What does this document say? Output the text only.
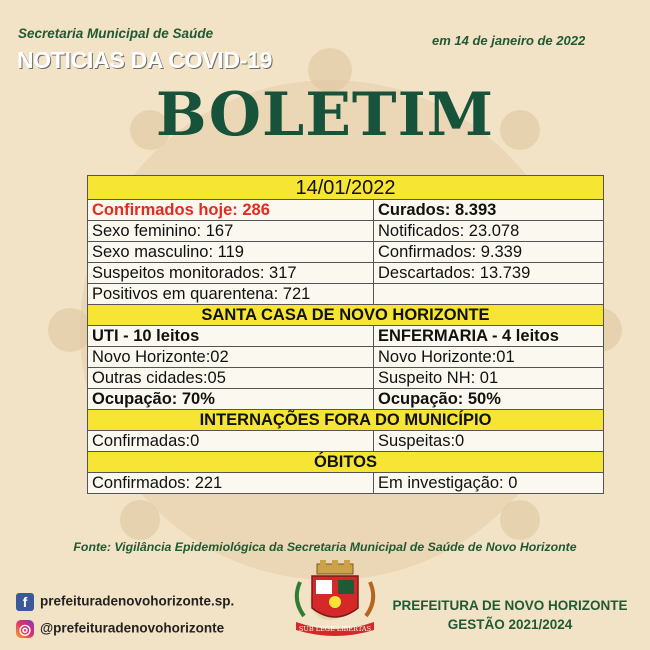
Secretaria Municipal de Saúde	em 14 de janeiro de 2022
NOTICIAS DA COVID-19
BOLETIM
14/01/2022	
Confirmados hoje: 286	Curados: 8.393
Sexo feminino: 167	Notificados: 23.078
Sexo masculino: 119	Confirmados: 9.339
Suspeitos monitorados: 317	Descartados: 13.739
Positivos em quarentena: 721	
SANTA CASA DE NOVO HORIZONTE	
UTI - 10 leitos	ENFERMARIA - 4 leitos
Novo Horizonte:02	Novo Horizonte:01
Outras cidades:05	Suspeito NH: 01
Ocupação: 70%	Ocupação: 50%
INTERNAÇÕES FORA DO MUNICÍPIO	
Confirmadas:0	Suspeitas:0
ÓBITOS	
Confirmados: 221	Em investigação: 0
Fonte: Vigilância Epidemiológica da Secretaria Municipal de Saúde de Novo Horizonte
f prefeituradenovohorizonte.sp.
◎ @prefeituradenovohorizonte	SUB LEGE LIBERTAS
PREFEITURA DE NOVO HORIZONTE
GESTÃO 2021/2024
